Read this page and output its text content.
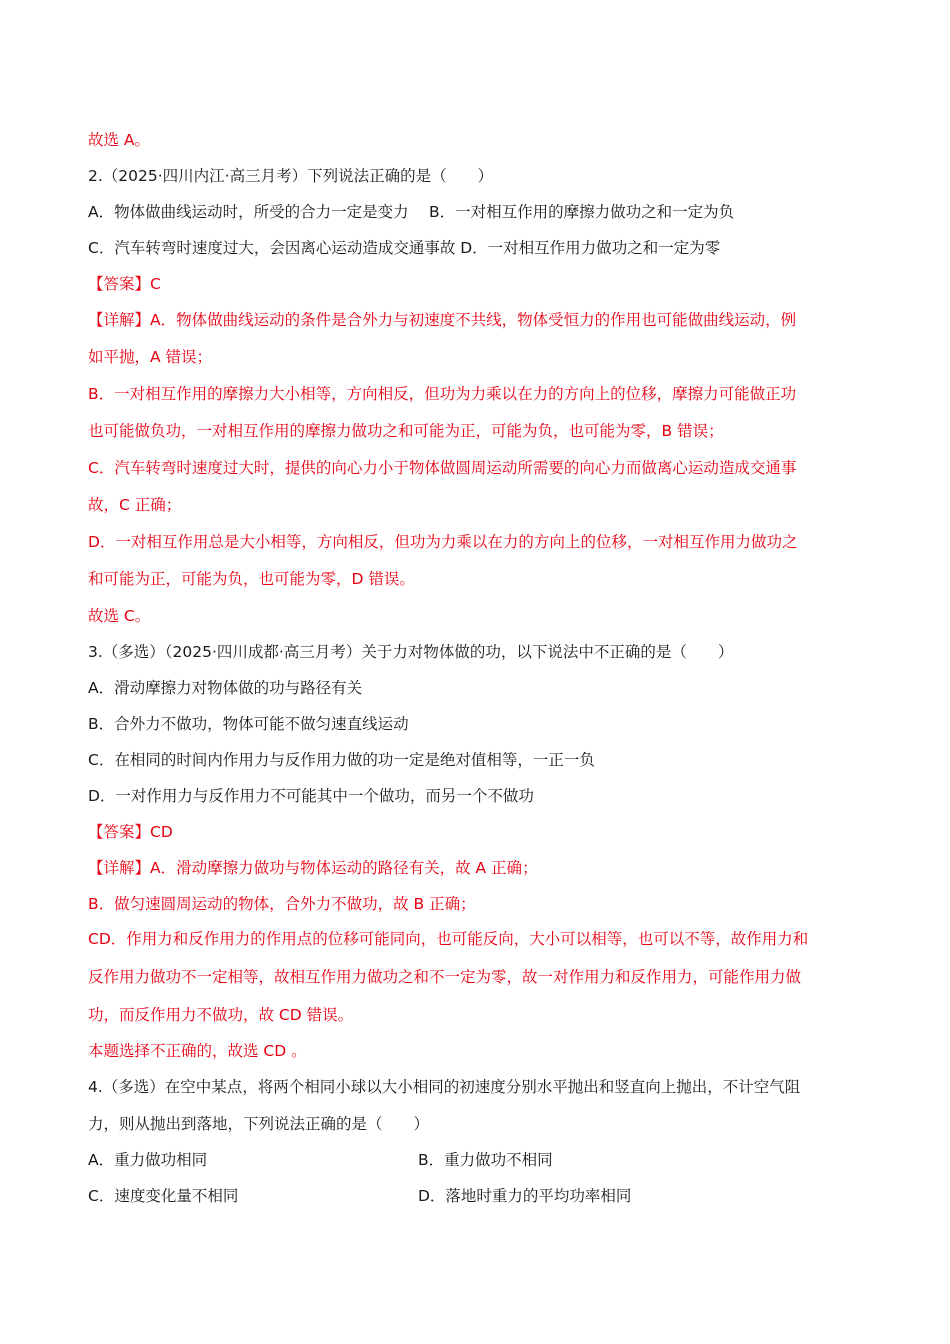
故选 A。
2.（2025·四川内江·高三月考）下列说法正确的是（　　）
A．物体做曲线运动时，所受的合力一定是变力　 B．一对相互作用的摩擦力做功之和一定为负
C．汽车转弯时速度过大，会因离心运动造成交通事故 D．一对相互作用力做功之和一定为零
【答案】C
【详解】A．物体做曲线运动的条件是合外力与初速度不共线，物体受恒力的作用也可能做曲线运动，例
如平抛，A 错误；
B．一对相互作用的摩擦力大小相等，方向相反，但功为力乘以在力的方向上的位移，摩擦力可能做正功
也可能做负功，一对相互作用的摩擦力做功之和可能为正，可能为负，也可能为零，B 错误；
C．汽车转弯时速度过大时，提供的向心力小于物体做圆周运动所需要的向心力而做离心运动造成交通事
故，C 正确；
D．一对相互作用总是大小相等，方向相反，但功为力乘以在力的方向上的位移，一对相互作用力做功之
和可能为正，可能为负，也可能为零，D 错误。
故选 C。
3.（多选）（2025·四川成都·高三月考）关于力对物体做的功，以下说法中不正确的是（　　）
A．滑动摩擦力对物体做的功与路径有关
B．合外力不做功，物体可能不做匀速直线运动
C．在相同的时间内作用力与反作用力做的功一定是绝对值相等，一正一负
D．一对作用力与反作用力不可能其中一个做功，而另一个不做功
【答案】CD
【详解】A．滑动摩擦力做功与物体运动的路径有关，故 A 正确；
B．做匀速圆周运动的物体，合外力不做功，故 B 正确；
CD．作用力和反作用力的作用点的位移可能同向，也可能反向，大小可以相等，也可以不等，故作用力和
反作用力做功不一定相等，故相互作用力做功之和不一定为零，故一对作用力和反作用力，可能作用力做
功，而反作用力不做功，故 CD 错误。
本题选择不正确的，故选 CD 。
4.（多选）在空中某点，将两个相同小球以大小相同的初速度分别水平抛出和竖直向上抛出，不计空气阻
力，则从抛出到落地，下列说法正确的是（　　）
A．重力做功相同	B．重力做功不相同
C．速度变化量不相同	D．落地时重力的平均功率相同
